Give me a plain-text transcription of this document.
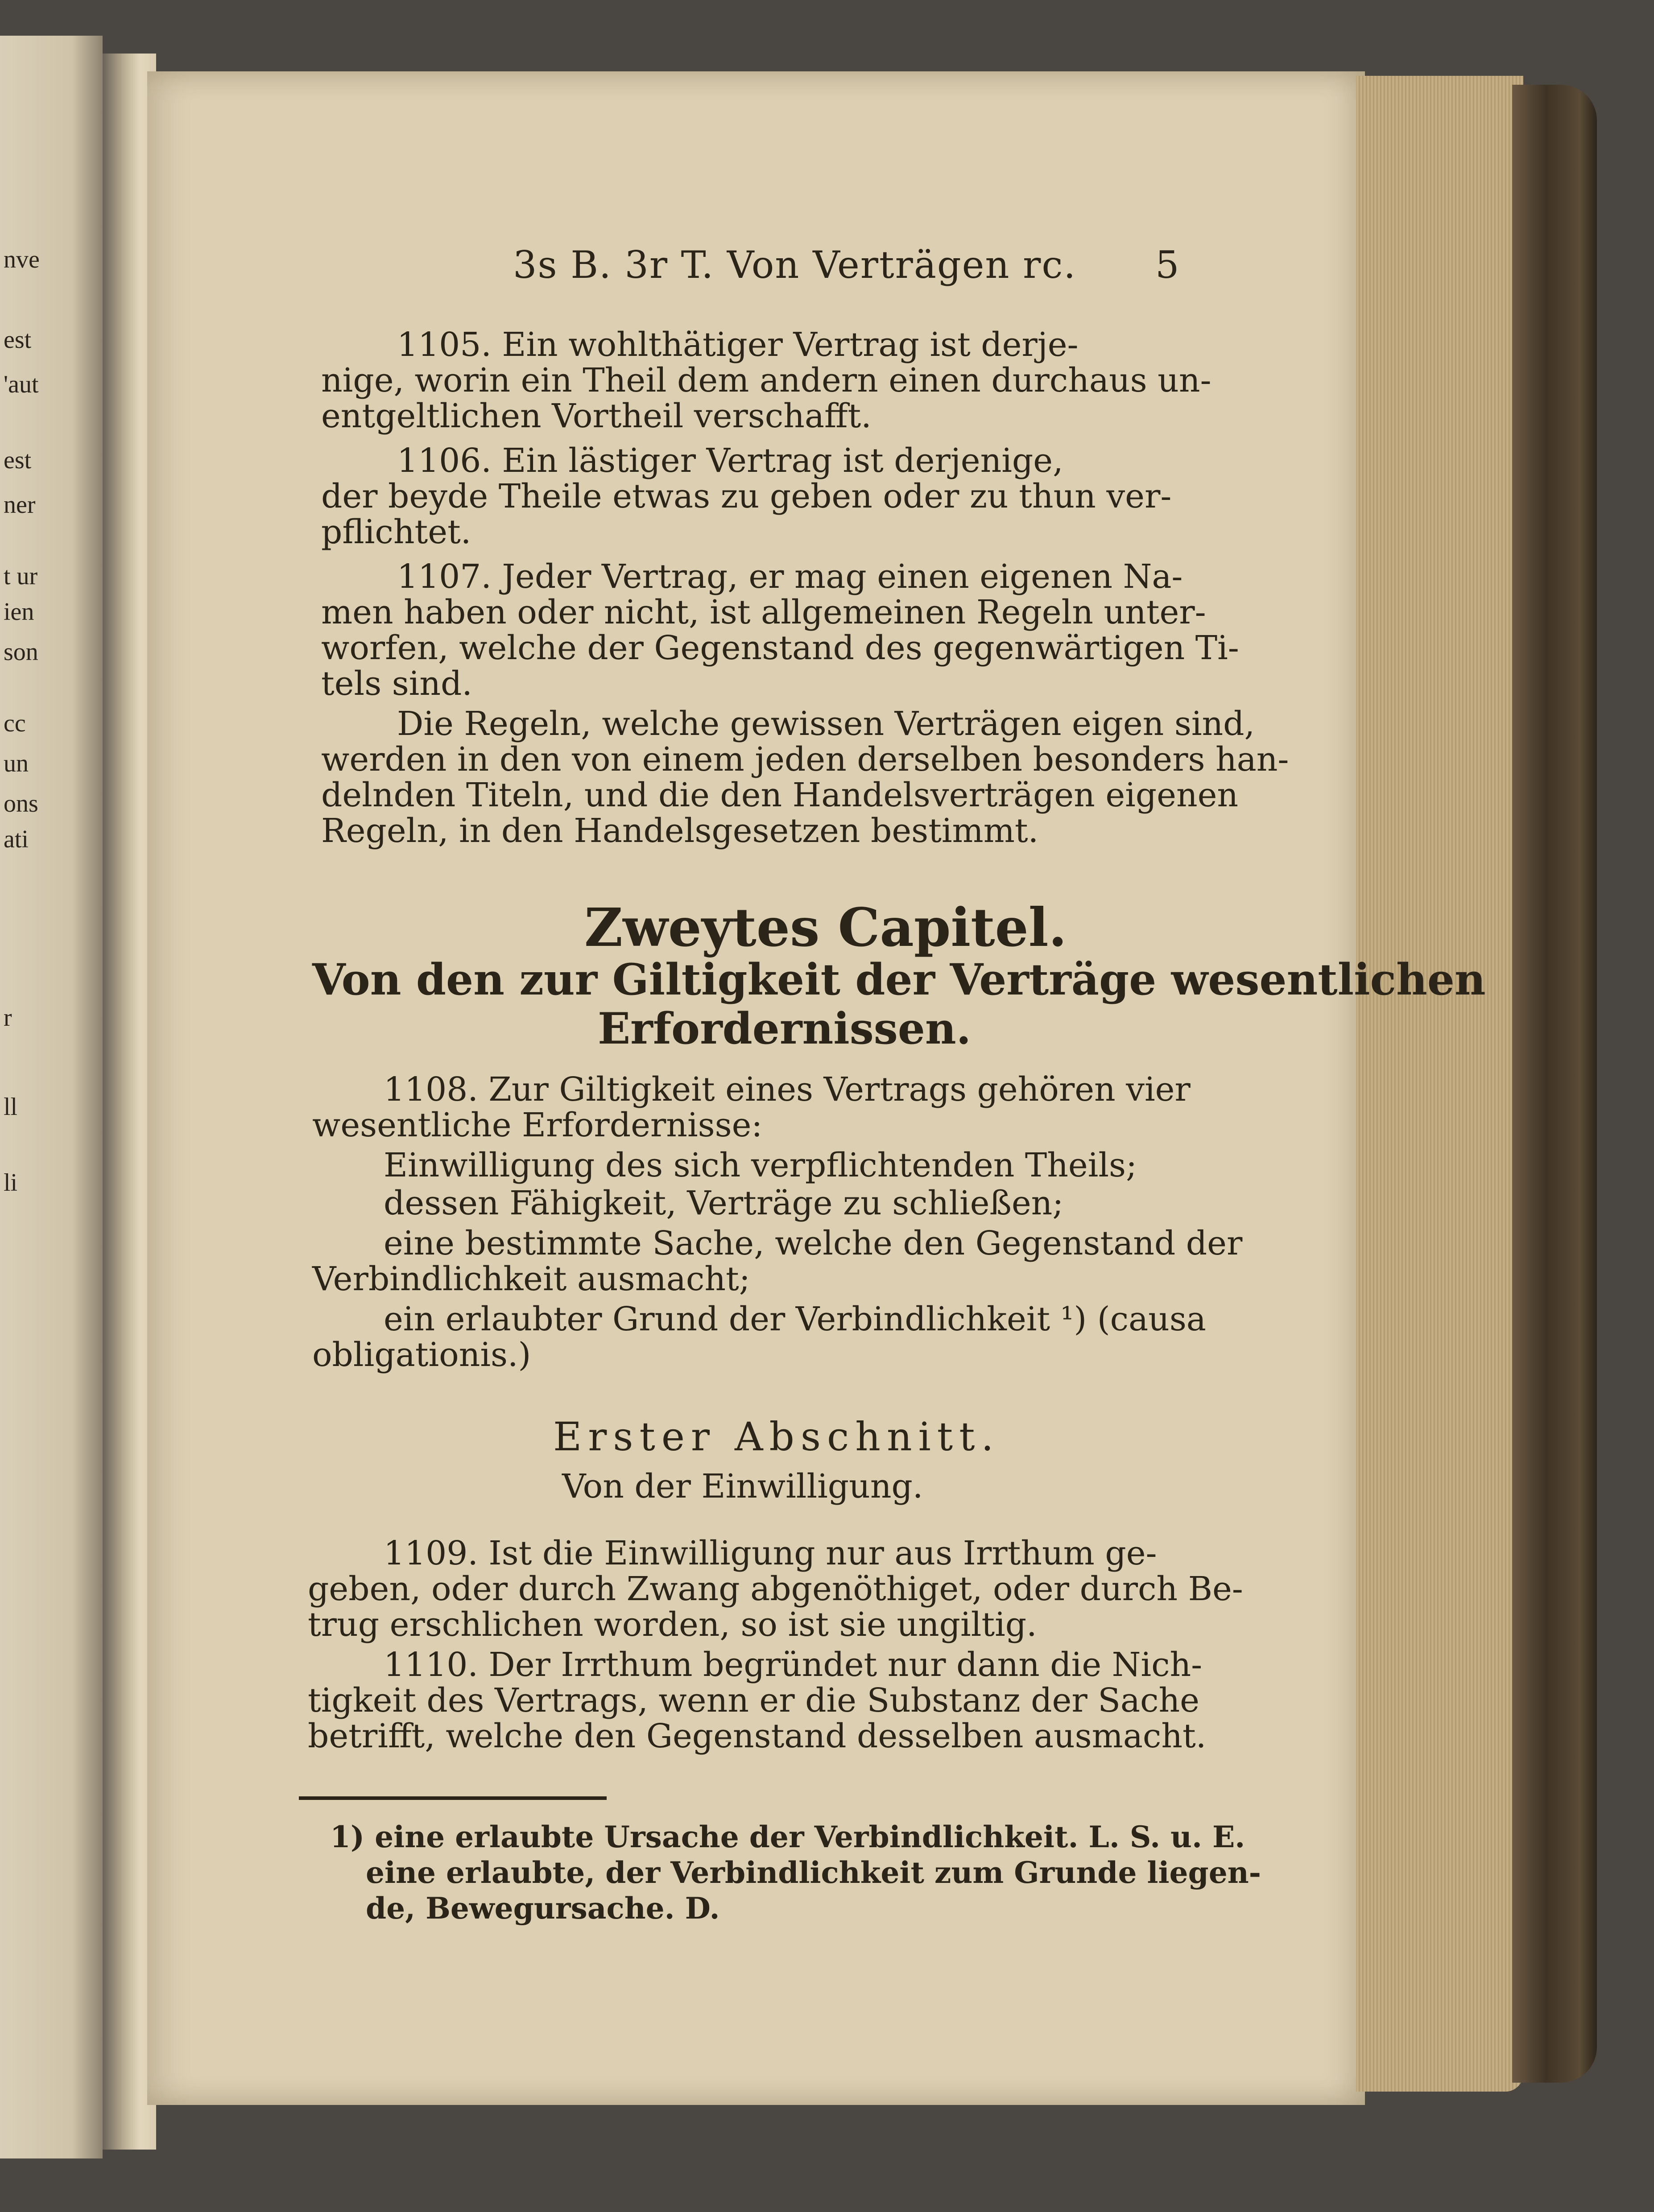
nve
est
'aut
est
ner
t ur
ien
son
cc
un
ons
ati
r
ll
li
3s B. 3r T. Von Verträgen rc. 5
1105. Ein wohlthätiger Vertrag ist derje-
nige, worin ein Theil dem andern einen durchaus un-
entgeltlichen Vortheil verschafft.
1106. Ein lästiger Vertrag ist derjenige,
der beyde Theile etwas zu geben oder zu thun ver-
pflichtet.
1107. Jeder Vertrag, er mag einen eigenen Na-
men haben oder nicht, ist allgemeinen Regeln unter-
worfen, welche der Gegenstand des gegenwärtigen Ti-
tels sind.
Die Regeln, welche gewissen Verträgen eigen sind,
werden in den von einem jeden derselben besonders han-
delnden Titeln, und die den Handelsverträgen eigenen
Regeln, in den Handelsgesetzen bestimmt.
Zweytes Capitel.
Von den zur Giltigkeit der Verträge wesentlichen
Erfordernissen.
1108. Zur Giltigkeit eines Vertrags gehören vier
wesentliche Erfordernisse:
Einwilligung des sich verpflichtenden Theils;
dessen Fähigkeit, Verträge zu schließen;
eine bestimmte Sache, welche den Gegenstand der
Verbindlichkeit ausmacht;
ein erlaubter Grund der Verbindlichkeit ¹) (causa
obligationis.)
Erster Abschnitt.
Von der Einwilligung.
1109. Ist die Einwilligung nur aus Irrthum ge-
geben, oder durch Zwang abgenöthiget, oder durch Be-
trug erschlichen worden, so ist sie ungiltig.
1110. Der Irrthum begründet nur dann die Nich-
tigkeit des Vertrags, wenn er die Substanz der Sache
betrifft, welche den Gegenstand desselben ausmacht.
1) eine erlaubte Ursache der Verbindlichkeit. L. S. u. E.
eine erlaubte, der Verbindlichkeit zum Grunde liegen-
de, Bewegursache. D.
